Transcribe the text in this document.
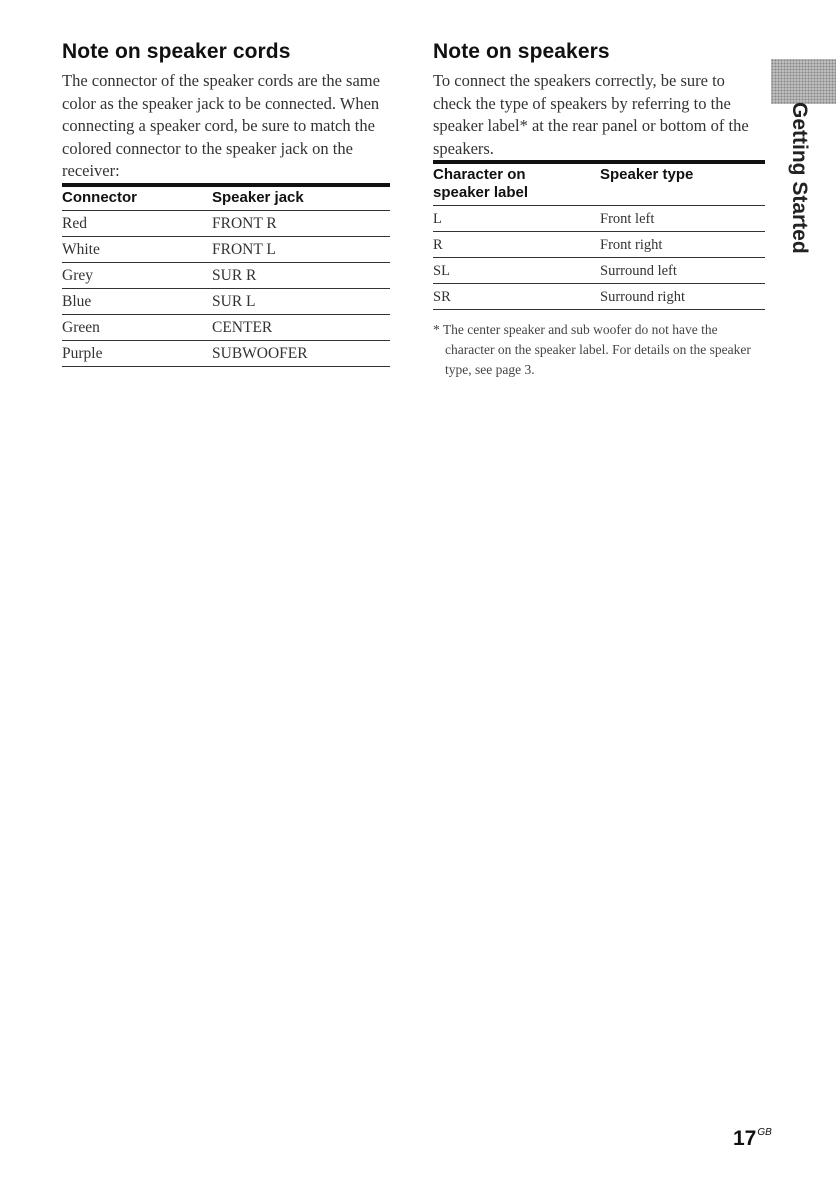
Note on speaker cords

The connector of the speaker cords are the same color as the speaker jack to be connected. When connecting a speaker cord, be sure to match the colored connector to the speaker jack on the receiver:

Connector	Speaker jack
Red	FRONT R
White	FRONT L
Grey	SUR R
Blue	SUR L
Green	CENTER
Purple	SUBWOOFER
Note on speakers

To connect the speakers correctly, be sure to check the type of speakers by referring to the speaker label* at the rear panel or bottom of the speakers.

Character on
speaker label	Speaker type
L	Front left
R	Front right
SL	Surround left
SR	Surround right

* The center speaker and sub woofer do not have the character on the speaker label. For details on the speaker type, see page 3.

Getting Started
$17^{GB}$
